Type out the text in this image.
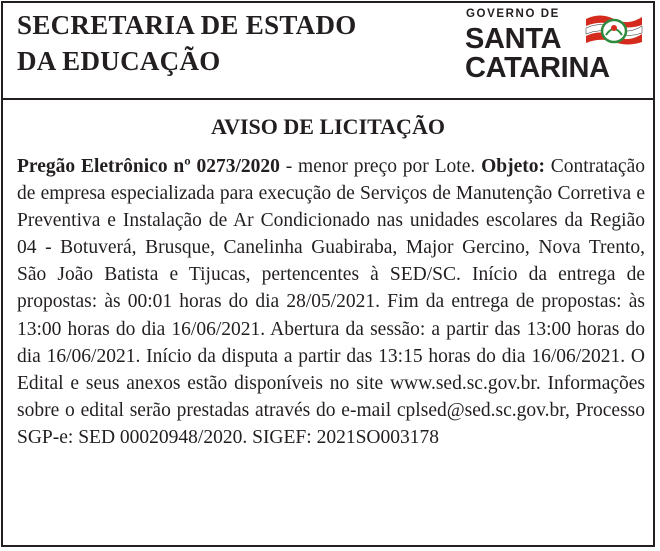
SECRETARIA DE ESTADO
DA EDUCAÇÃO
GOVERNO DE
SANTA
CATARINA
AVISO DE LICITAÇÃO
Pregão Eletrônico nº 0273/2020 - menor preço por Lote. Objeto: Contratação de empresa especializada para execução de Serviços de Manutenção Corretiva e Preventiva e Instalação de Ar Condicionado nas unidades escolares da Região 04 - Botuverá, Brusque, Canelinha Guabiraba, Major Gercino, Nova Trento, São João Batista e Tijucas, pertencentes à SED/SC. Início da entrega de propostas: às 00:01 horas do dia 28/05/2021. Fim da entrega de propostas: às 13:00 horas do dia 16/06/2021. Abertura da sessão: a partir das 13:00 horas do dia 16/06/2021. Início da disputa a partir das 13:15 horas do dia 16/06/2021. O Edital e seus anexos estão disponíveis no site www.sed.sc.gov.br. Informações sobre o edital serão prestadas através do e-mail cplsed@sed.sc.gov.br, Processo SGP-e: SED 00020948/2020. SIGEF: 2021SO003178
